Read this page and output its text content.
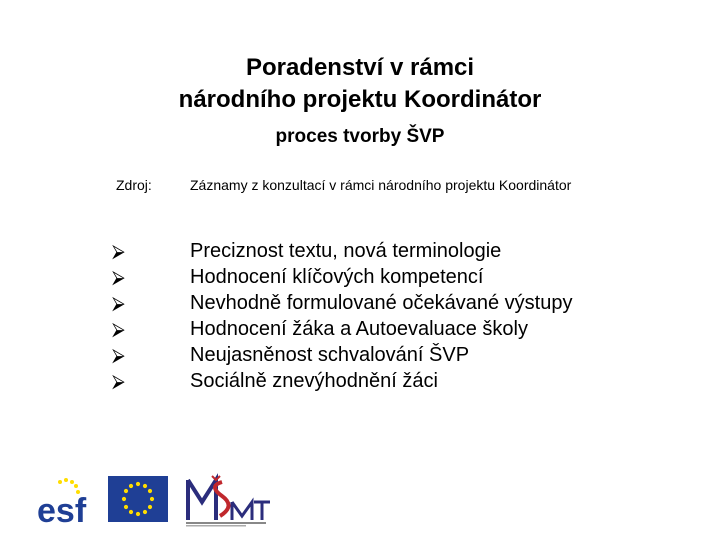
Poradenství v rámci
národního projektu Koordinátor
proces tvorby ŠVP
Zdroj:	Záznamy z konzultací v rámci národního projektu Koordinátor
⮚	Preciznost textu, nová terminologie
⮚	Hodnocení klíčových kompetencí
⮚	Nevhodně formulované očekávané výstupy
⮚	Hodnocení žáka a Autoevaluace školy
⮚	Neujasněnost schvalování ŠVP
⮚	Sociálně znevýhodnění žáci
esf
